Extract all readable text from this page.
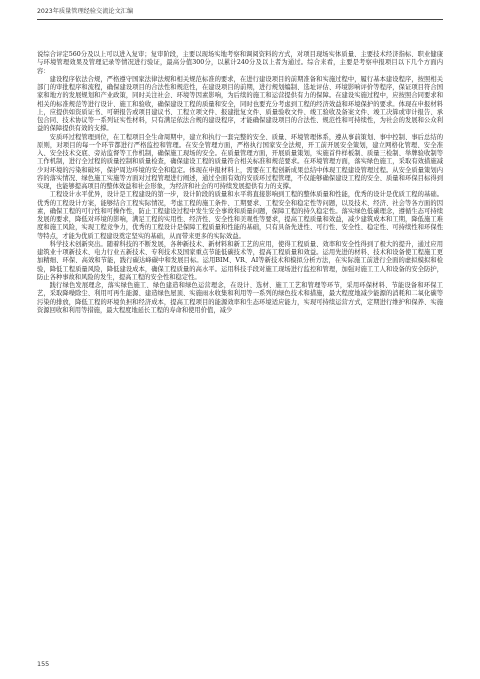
2023年质量管理经验交流论文汇编

说综合评定560分及以上可以进入复审；复审阶段，主要以现场实地考察和调阅资料的方式，对项目现场实体质量、主要技术经济指标、职业健康与环境管理效果及管理记录等情况进行验证，最高分值300分，以累计240分及以上者为通过。综合来看，主要是考察申报项目以下几个方面内容：

建设程序依法合规，严格遵守国家法律法规和相关规范标准的要求，在进行建设项目的前期准备和实施过程中，履行基本建设程序，按照相关部门的审批程序和流程，确保建设项目的合法性和规范性，在建设项目的前期，进行规划编制、选址评估、环境影响评价等程序，保证项目符合国家和地方的发展规划和产业政策，同时关注社会、环境等因素影响，为后续的施工和运营提供有力的保障。在建设实施过程中，应按照合同要求和相关的标准规范等进行设计、施工和验收，确保建设工程的质量和安全，同时也要充分考虑到工程的经济效益和环境保护的要求。体现在申报材料上，应提供如资质证书、可研报告或项目建议书、工程立项文件、报建批复文件、质量验收文件、竣工验收及备案文件、竣工决算或审计报告、承包合同、技术协议等一系列证实性材料，只有满足依法合规的建设程序，才能确保建设项目的合法性、规范性和可持续性，为社会的发展和公众利益的保障提供有效的支撑。

安质环过程管理到位，在工程项目全生命周期中，建立和执行一套完整的安全、质量、环境管理体系，遵从事前策划、事中控制、事后总结的原则，对项目的每一个环节都进行严格监控和管理。在安全管理方面，严格执行国家安全法规，开工前开展安全策划，建立网格化管理、安全准入、安全技术交底、旁站监督等工作机制，确保施工现场的安全。在质量管理方面，开展质量策划，实施首件样板制、质量三检制、举牌验收制等工作机制，进行全过程的质量控制和质量检查，确保建设工程的质量符合相关标准和规范要求。在环境管理方面，落实绿色施工，采取有效措施减少对环境的污染和破坏，保护周边环境的安全和稳定。体现在申报材料上，需要在工程创新成果总结中体现工程建设管理过程。从安全质量策划内容的落实情况、绿色施工实施等方面对过程管理进行阐述，通过全面有效的安质环过程管理，不仅能够确保建设工程的安全、质量和环保目标得到实现，也能够提高项目的整体效益和社会形象，为经济和社会的可持续发展提供有力的支撑。

工程设计水平优异，设计是工程建设的第一步，设计阶段的质量和水平将直接影响到工程的整体质量和性能，优秀的设计是优质工程的基础。优秀的工程设计方案，能够结合工程实际情况，考虑工程的施工条件、工期要求、工程安全和稳定性等问题，以及技术、经济、社会等各方面的因素，确保工程的可行性和可操作性，防止工程建设过程中发生安全事故和质量问题，保障工程的持久稳定性。落实绿色低碳理念，遵循生态可持续发展的要求，降低对环境的影响，满足工程的实用性、经济性、安全性和美观性等要求，提高工程质量和效益，减少建筑成本和工期，降低施工难度和施工风险，实现工程竞争力，优秀的工程设计是保障工程质量和性能的基础，只有具备先进性、可行性、安全性、稳定性、可持续性和环保性等特点，才能为优质工程建设奠定坚实的基础，从而带来更多的实际效益。

科学技术创新突出。随着科技的不断发展，各种新技术、新材料和新工艺的应用，使得工程质量、效率和安全性得到了极大的提升，通过应用建筑业十项新技术、电力行业五新技术、专利技术及国家重点节能低碳技术等，提高工程质量和效益。运用先进的材料、技术和设备使工程施工更加精细、环保、高效和节能，践行碳达峰碳中和发展目标。运用BIM、VR、AI等新技术和模拟分析方法，在实际施工前进行全面的虚拟模拟和检验，降低工程质量风险，降低建设成本，确保工程质量的高水平。运用科技手段对施工现场进行监控和管理，加强对施工工人和设备的安全防护，防止各种事故和风险的发生，提高工程的安全性和稳定性。

践行绿色发展理念，落实绿色施工、绿色建造和绿色运营理念，在设计、选材、施工工艺和管理等环节，采用环保材料、节能设备和环保工艺，采取降噪除尘、利用可再生能源、建造绿色屋顶、实施雨水收集和利用等一系列的绿色技术和措施，最大程度地减少能源的消耗和二氧化碳等污染的排放，降低工程的环境负担和经济成本，提高工程项目的能源效率和生态环境适应能力，实现可持续运营方式，定期进行维护和保养、实施资源回收和利用等措施，最大程度地延长工程的寿命和使用价值，减少

155
